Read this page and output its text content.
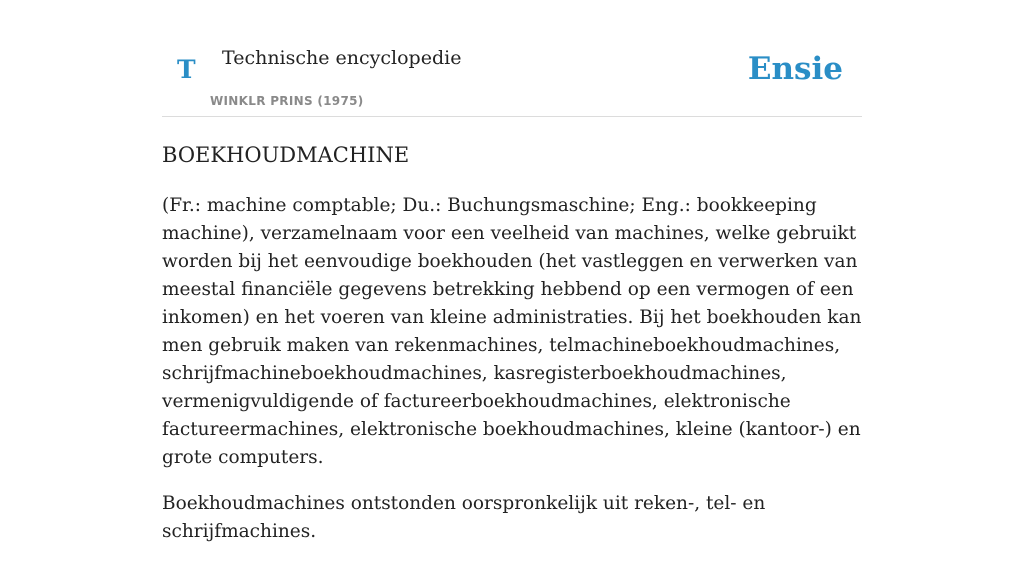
T Technische encyclopedie
WINKLR PRINS (1975)
Ensie
BOEKHOUDMACHINE

(Fr.: machine comptable; Du.: Buchungsmaschine; Eng.: bookkeeping machine), verzamelnaam voor een veelheid van machines, welke gebruikt worden bij het eenvoudige boekhouden (het vastleggen en verwerken van meestal financiële gegevens betrekking hebbend op een vermogen of een inkomen) en het voeren van kleine administraties. Bij het boekhouden kan men gebruik maken van rekenmachines, telmachineboekhoudmachines, schrijfmachineboekhoudmachines, kasregisterboekhoudmachines, vermenigvuldigende of factureerboekhoudmachines, elektronische factureermachines, elektronische boekhoudmachines, kleine (kantoor-) en grote computers.

Boekhoudmachines ontstonden oorspronkelijk uit reken-, tel- en schrijfmachines.
